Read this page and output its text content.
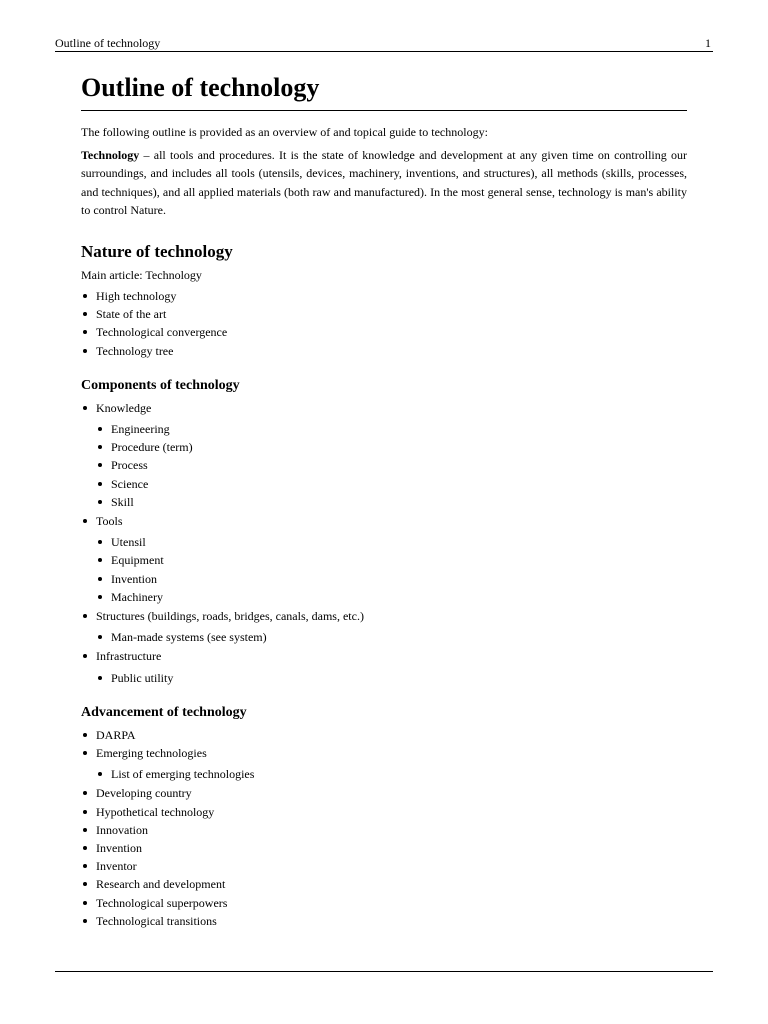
Outline of technology	1
Outline of technology

The following outline is provided as an overview of and topical guide to technology:

Technology – all tools and procedures. It is the state of knowledge and development at any given time on controlling our surroundings, and includes all tools (utensils, devices, machinery, inventions, and structures), all methods (skills, processes, and techniques), and all applied materials (both raw and manufactured). In the most general sense, technology is man's ability to control Nature.

Nature of technology

Main article: Technology

High technology
State of the art
Technological convergence
Technology tree
Components of technology
Knowledge
Engineering
Procedure (term)
Process
Science
Skill
Tools
Utensil
Equipment
Invention
Machinery
Structures (buildings, roads, bridges, canals, dams, etc.)
Man-made systems (see system)
Infrastructure
Public utility
Advancement of technology
DARPA
Emerging technologies
List of emerging technologies
Developing country
Hypothetical technology
Innovation
Invention
Inventor
Research and development
Technological superpowers
Technological transitions
